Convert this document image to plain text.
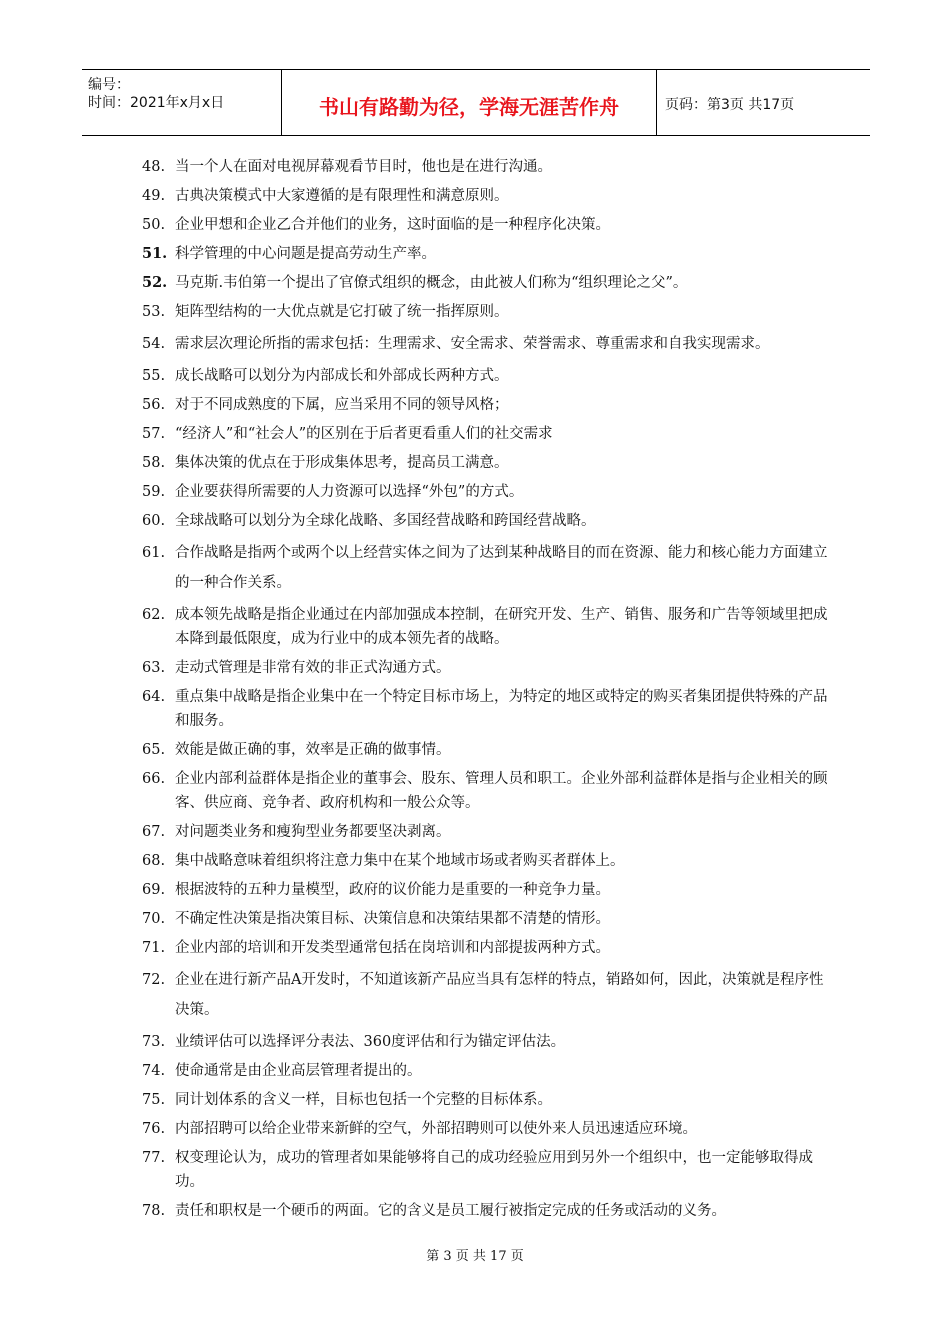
编号：
时间：2021年x月x日	书山有路勤为径，学海无涯苦作舟	页码：第3页 共17页
48. 当一个人在面对电视屏幕观看节目时，他也是在进行沟通。
49. 古典决策模式中大家遵循的是有限理性和满意原则。
50. 企业甲想和企业乙合并他们的业务，这时面临的是一种程序化决策。
51. 科学管理的中心问题是提高劳动生产率。
52. 马克斯.韦伯第一个提出了官僚式组织的概念，由此被人们称为“组织理论之父”。
53. 矩阵型结构的一大优点就是它打破了统一指挥原则。
54. 需求层次理论所指的需求包括：生理需求、安全需求、荣誉需求、尊重需求和自我实现需求。
55. 成长战略可以划分为内部成长和外部成长两种方式。
56. 对于不同成熟度的下属，应当采用不同的领导风格；
57. “经济人”和“社会人”的区别在于后者更看重人们的社交需求
58. 集体决策的优点在于形成集体思考，提高员工满意。
59. 企业要获得所需要的人力资源可以选择“外包”的方式。
60. 全球战略可以划分为全球化战略、多国经营战略和跨国经营战略。
61. 合作战略是指两个或两个以上经营实体之间为了达到某种战略目的而在资源、能力和核心能力方面建立的一种合作关系。
62. 成本领先战略是指企业通过在内部加强成本控制，在研究开发、生产、销售、服务和广告等领域里把成本降到最低限度，成为行业中的成本领先者的战略。
63. 走动式管理是非常有效的非正式沟通方式。
64. 重点集中战略是指企业集中在一个特定目标市场上，为特定的地区或特定的购买者集团提供特殊的产品和服务。
65. 效能是做正确的事，效率是正确的做事情。
66. 企业内部利益群体是指企业的董事会、股东、管理人员和职工。企业外部利益群体是指与企业相关的顾客、供应商、竞争者、政府机构和一般公众等。
67. 对问题类业务和瘦狗型业务都要坚决剥离。
68. 集中战略意味着组织将注意力集中在某个地域市场或者购买者群体上。
69. 根据波特的五种力量模型，政府的议价能力是重要的一种竞争力量。
70. 不确定性决策是指决策目标、决策信息和决策结果都不清楚的情形。
71. 企业内部的培训和开发类型通常包括在岗培训和内部提拔两种方式。
72. 企业在进行新产品A开发时，不知道该新产品应当具有怎样的特点，销路如何，因此，决策就是程序性决策。
73. 业绩评估可以选择评分表法、360度评估和行为锚定评估法。
74. 使命通常是由企业高层管理者提出的。
75. 同计划体系的含义一样，目标也包括一个完整的目标体系。
76. 内部招聘可以给企业带来新鲜的空气，外部招聘则可以使外来人员迅速适应环境。
77. 权变理论认为，成功的管理者如果能够将自己的成功经验应用到另外一个组织中，也一定能够取得成功。
78. 责任和职权是一个硬币的两面。它的含义是员工履行被指定完成的任务或活动的义务。
第 3 页 共 17 页
